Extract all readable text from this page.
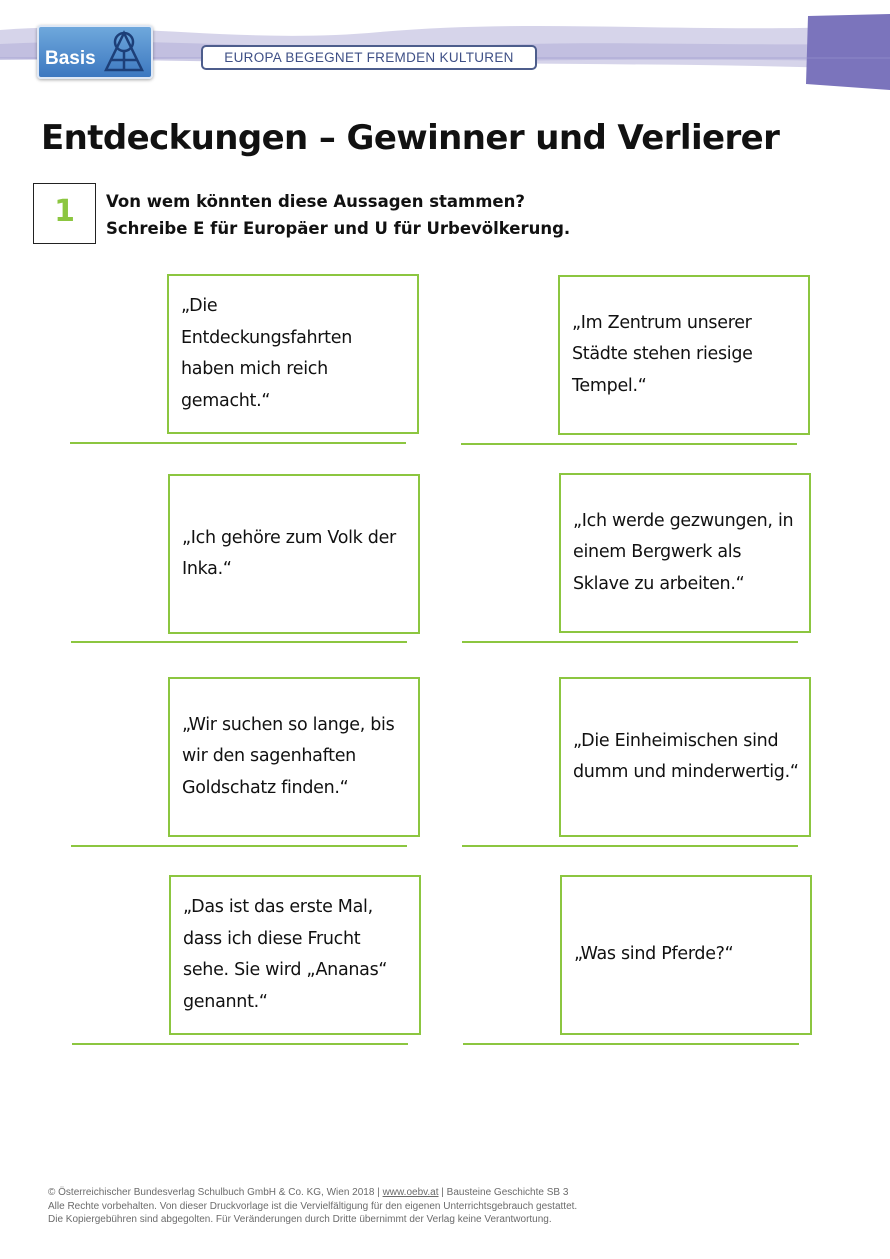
Basis	EUROPA BEGEGNET FREMDEN KULTUREN
Entdeckungen – Gewinner und Verlierer
1	Von wem könnten diese Aussagen stammen?
Schreibe E für Europäer und U für Urbevölkerung.
„Die Entdeckungsfahrten haben mich reich gemacht.“
„Im Zentrum unserer Städte stehen riesige Tempel.“
„Ich gehöre zum Volk der Inka.“
„Ich werde gezwungen, in einem Bergwerk als Sklave zu arbeiten.“
„Wir suchen so lange, bis wir den sagenhaften Goldschatz finden.“
„Die Einheimischen sind dumm und minderwertig.“
„Das ist das erste Mal, dass ich diese Frucht sehe. Sie wird „Ananas“ genannt.“
„Was sind Pferde?“
© Österreichischer Bundesverlag Schulbuch GmbH & Co. KG, Wien 2018 | www.oebv.at | Bausteine Geschichte SB 3
Alle Rechte vorbehalten. Von dieser Druckvorlage ist die Vervielfältigung für den eigenen Unterrichtsgebrauch gestattet.
Die Kopiergebühren sind abgegolten. Für Veränderungen durch Dritte übernimmt der Verlag keine Verantwortung.
